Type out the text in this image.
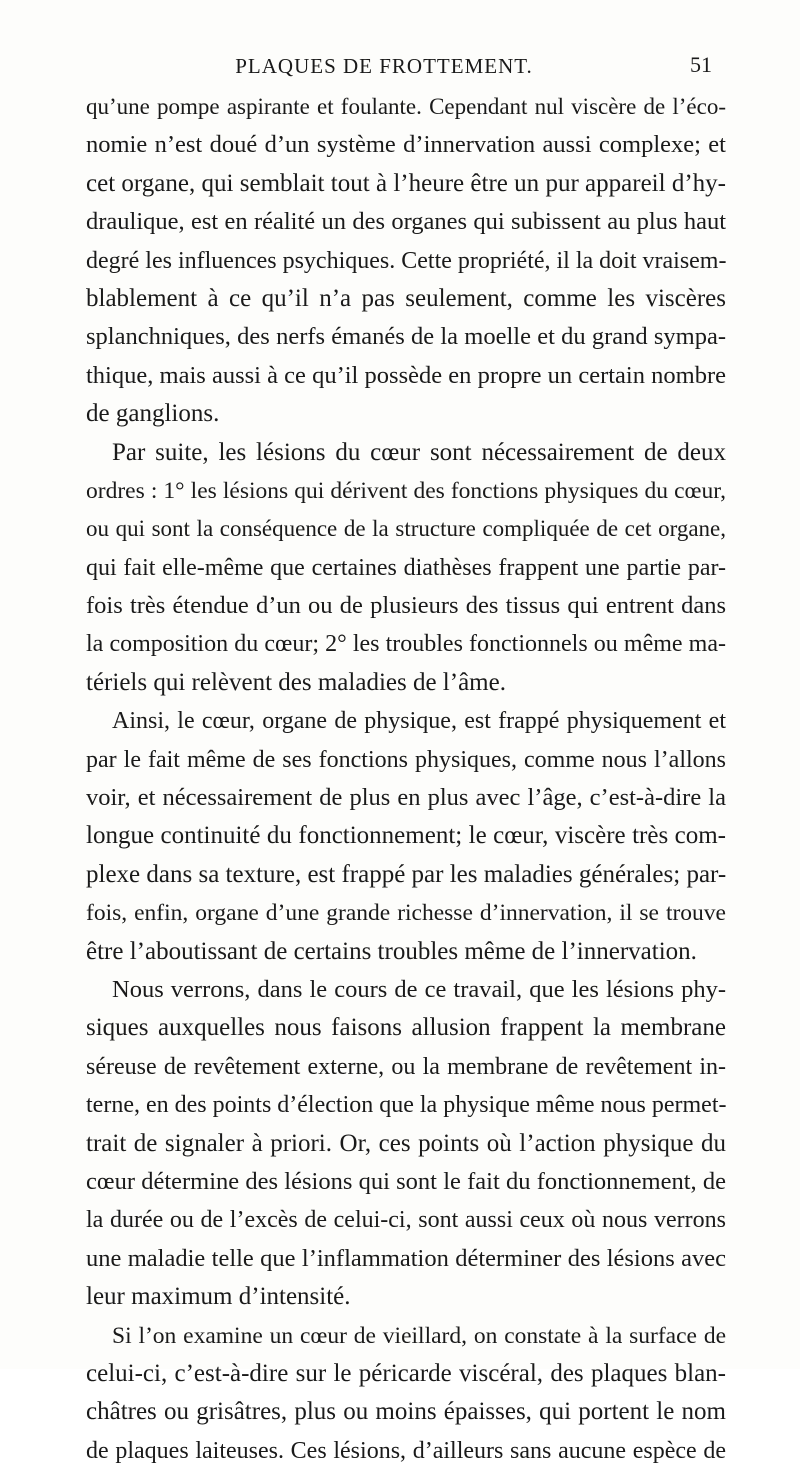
PLAQUES DE FROTTEMENT.	51
qu’une pompe aspirante et foulante. Cependant nul viscère de l’éco-
nomie n’est doué d’un système d’innervation aussi complexe; et
cet organe, qui semblait tout à l’heure être un pur appareil d’hy-
draulique, est en réalité un des organes qui subissent au plus haut
degré les influences psychiques. Cette propriété, il la doit vraisem-
blablement à ce qu’il n’a pas seulement, comme les viscères
splanchniques, des nerfs émanés de la moelle et du grand sympa-
thique, mais aussi à ce qu’il possède en propre un certain nombre
de ganglions.
Par suite, les lésions du cœur sont nécessairement de deux
ordres : 1° les lésions qui dérivent des fonctions physiques du cœur,
ou qui sont la conséquence de la structure compliquée de cet organe,
qui fait elle-même que certaines diathèses frappent une partie par-
fois très étendue d’un ou de plusieurs des tissus qui entrent dans
la composition du cœur; 2° les troubles fonctionnels ou même ma-
tériels qui relèvent des maladies de l’âme.
Ainsi, le cœur, organe de physique, est frappé physiquement et
par le fait même de ses fonctions physiques, comme nous l’allons
voir, et nécessairement de plus en plus avec l’âge, c’est-à-dire la
longue continuité du fonctionnement; le cœur, viscère très com-
plexe dans sa texture, est frappé par les maladies générales; par-
fois, enfin, organe d’une grande richesse d’innervation, il se trouve
être l’aboutissant de certains troubles même de l’innervation.
Nous verrons, dans le cours de ce travail, que les lésions phy-
siques auxquelles nous faisons allusion frappent la membrane
séreuse de revêtement externe, ou la membrane de revêtement in-
terne, en des points d’élection que la physique même nous permet-
trait de signaler à priori. Or, ces points où l’action physique du
cœur détermine des lésions qui sont le fait du fonctionnement, de
la durée ou de l’excès de celui-ci, sont aussi ceux où nous verrons
une maladie telle que l’inflammation déterminer des lésions avec
leur maximum d’intensité.
Si l’on examine un cœur de vieillard, on constate à la surface de
celui-ci, c’est-à-dire sur le péricarde viscéral, des plaques blan-
châtres ou grisâtres, plus ou moins épaisses, qui portent le nom
de plaques laiteuses. Ces lésions, d’ailleurs sans aucune espèce de
